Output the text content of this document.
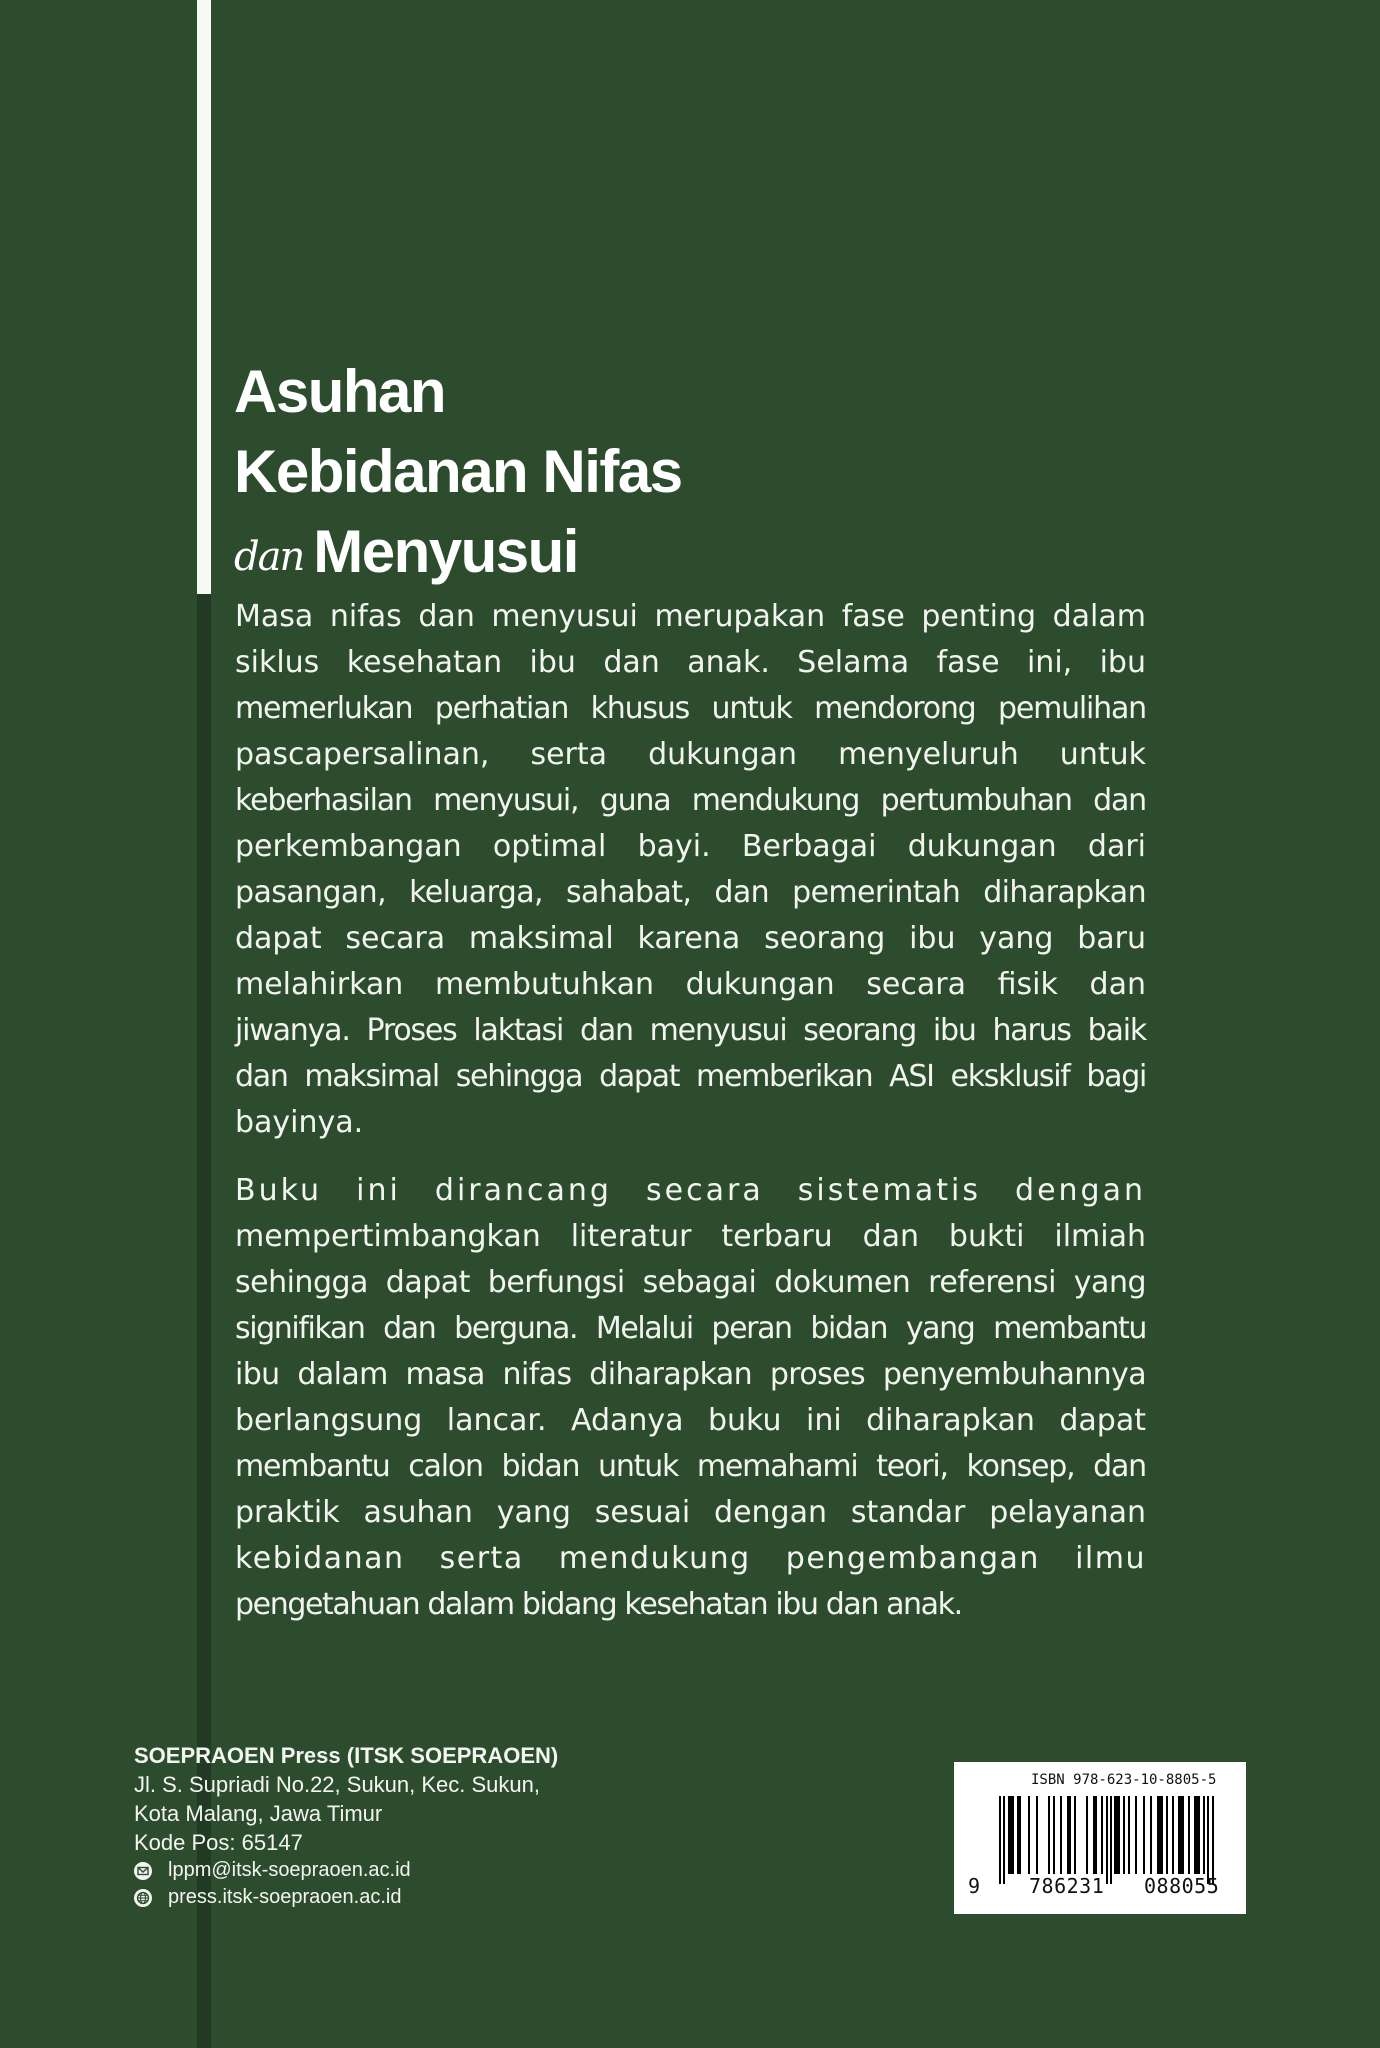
Asuhan
Kebidanan Nifas
dan Menyusui
Masa nifas dan menyusui merupakan fase penting dalam
siklus kesehatan ibu dan anak. Selama fase ini, ibu
memerlukan perhatian khusus untuk mendorong pemulihan
pascapersalinan, serta dukungan menyeluruh untuk
keberhasilan menyusui, guna mendukung pertumbuhan dan
perkembangan optimal bayi. Berbagai dukungan dari
pasangan, keluarga, sahabat, dan pemerintah diharapkan
dapat secara maksimal karena seorang ibu yang baru
melahirkan membutuhkan dukungan secara fisik dan
jiwanya. Proses laktasi dan menyusui seorang ibu harus baik
dan maksimal sehingga dapat memberikan ASI eksklusif bagi
bayinya.
Buku ini dirancang secara sistematis dengan
mempertimbangkan literatur terbaru dan bukti ilmiah
sehingga dapat berfungsi sebagai dokumen referensi yang
signifikan dan berguna. Melalui peran bidan yang membantu
ibu dalam masa nifas diharapkan proses penyembuhannya
berlangsung lancar. Adanya buku ini diharapkan dapat
membantu calon bidan untuk memahami teori, konsep, dan
praktik asuhan yang sesuai dengan standar pelayanan
kebidanan serta mendukung pengembangan ilmu
pengetahuan dalam bidang kesehatan ibu dan anak.
SOEPRAOEN Press (ITSK SOEPRAOEN)
Jl. S. Supriadi No.22, Sukun, Kec. Sukun,
Kota Malang, Jawa Timur
Kode Pos: 65147
lppm@itsk-soepraoen.ac.id
press.itsk-soepraoen.ac.id
ISBN 978-623-10-8805-5
9 786231 088055
